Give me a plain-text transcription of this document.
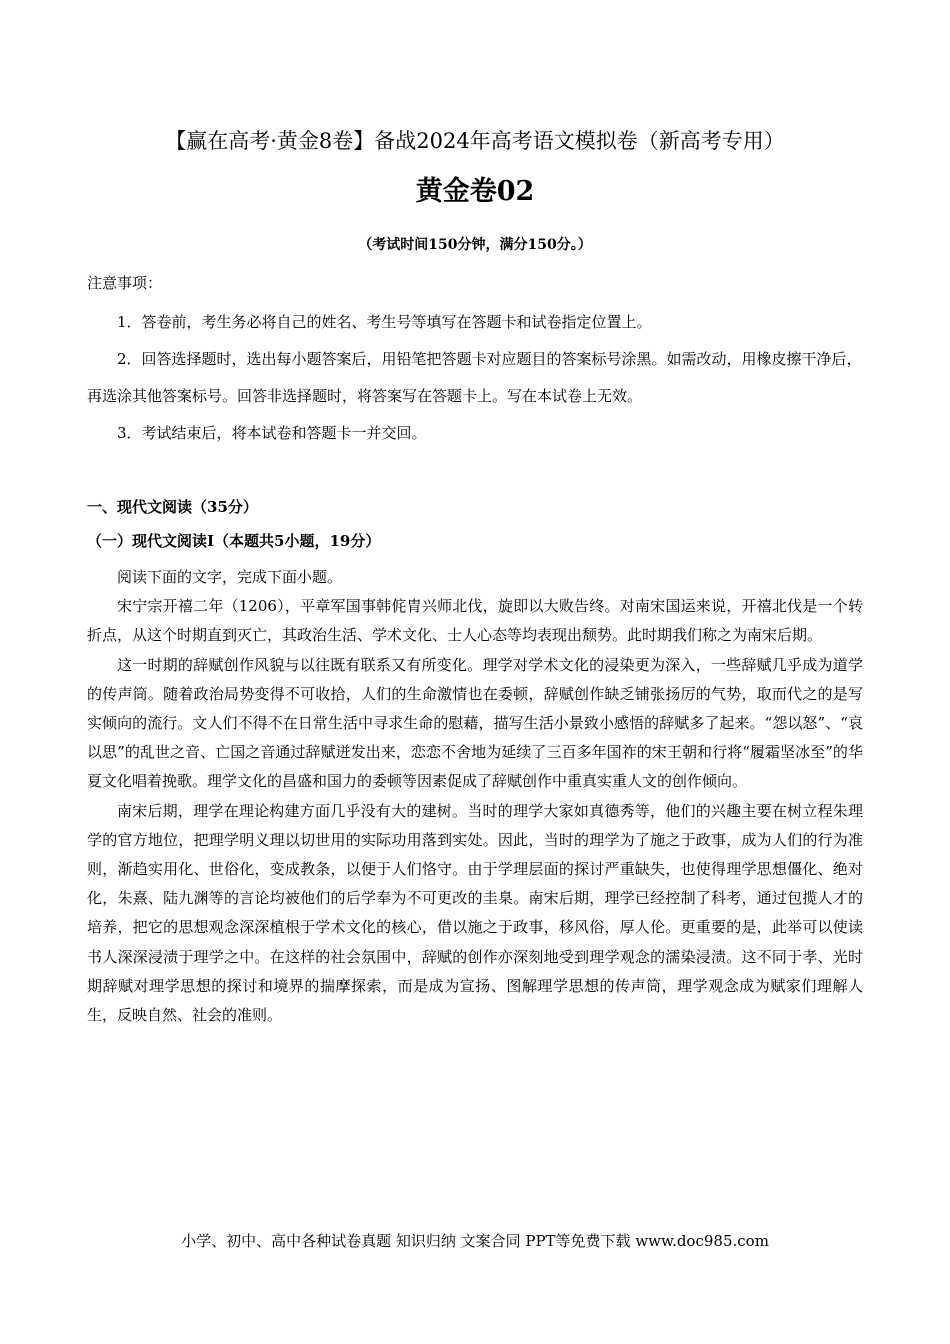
【赢在高考·黄金8卷】备战2024年高考语文模拟卷（新高考专用）
黄金卷02
（考试时间150分钟，满分150分。）
注意事项：

1．答卷前，考生务必将自己的姓名、考生号等填写在答题卡和试卷指定位置上。

2．回答选择题时，选出每小题答案后，用铅笔把答题卡对应题目的答案标号涂黑。如需改动，用橡皮擦干净后，再选涂其他答案标号。回答非选择题时，将答案写在答题卡上。写在本试卷上无效。

3．考试结束后，将本试卷和答题卡一并交回。

一、现代文阅读（35分）
（一）现代文阅读Ⅰ（本题共5小题，19分）

阅读下面的文字，完成下面小题。

宋宁宗开禧二年（1206），平章军国事韩侂胄兴师北伐，旋即以大败告终。对南宋国运来说，开禧北伐是一个转折点，从这个时期直到灭亡，其政治生活、学术文化、士人心态等均表现出颓势。此时期我们称之为南宋后期。

这一时期的辞赋创作风貌与以往既有联系又有所变化。理学对学术文化的浸染更为深入，一些辞赋几乎成为道学的传声筒。随着政治局势变得不可收拾，人们的生命激情也在委顿，辞赋创作缺乏铺张扬厉的气势，取而代之的是写实倾向的流行。文人们不得不在日常生活中寻求生命的慰藉，描写生活小景致小感悟的辞赋多了起来。“怨以怒”、“哀以思”的乱世之音、亡国之音通过辞赋迸发出来，恋恋不舍地为延续了三百多年国祚的宋王朝和行将“履霜坚冰至”的华夏文化唱着挽歌。理学文化的昌盛和国力的委顿等因素促成了辞赋创作中重真实重人文的创作倾向。

南宋后期，理学在理论构建方面几乎没有大的建树。当时的理学大家如真德秀等，他们的兴趣主要在树立程朱理学的官方地位，把理学明义理以切世用的实际功用落到实处。因此，当时的理学为了施之于政事，成为人们的行为准则，渐趋实用化、世俗化，变成教条，以便于人们恪守。由于学理层面的探讨严重缺失，也使得理学思想僵化、绝对化，朱熹、陆九渊等的言论均被他们的后学奉为不可更改的圭臬。南宋后期，理学已经控制了科考，通过包揽人才的培养，把它的思想观念深深植根于学术文化的核心，借以施之于政事，移风俗，厚人伦。更重要的是，此举可以使读书人深深浸渍于理学之中。在这样的社会氛围中，辞赋的创作亦深刻地受到理学观念的濡染浸渍。这不同于孝、光时期辞赋对理学思想的探讨和境界的揣摩探索，而是成为宣扬、图解理学思想的传声筒，理学观念成为赋家们理解人生，反映自然、社会的准则。

小学、初中、高中各种试卷真题 知识归纳 文案合同 PPT等免费下载 www.doc985.com
